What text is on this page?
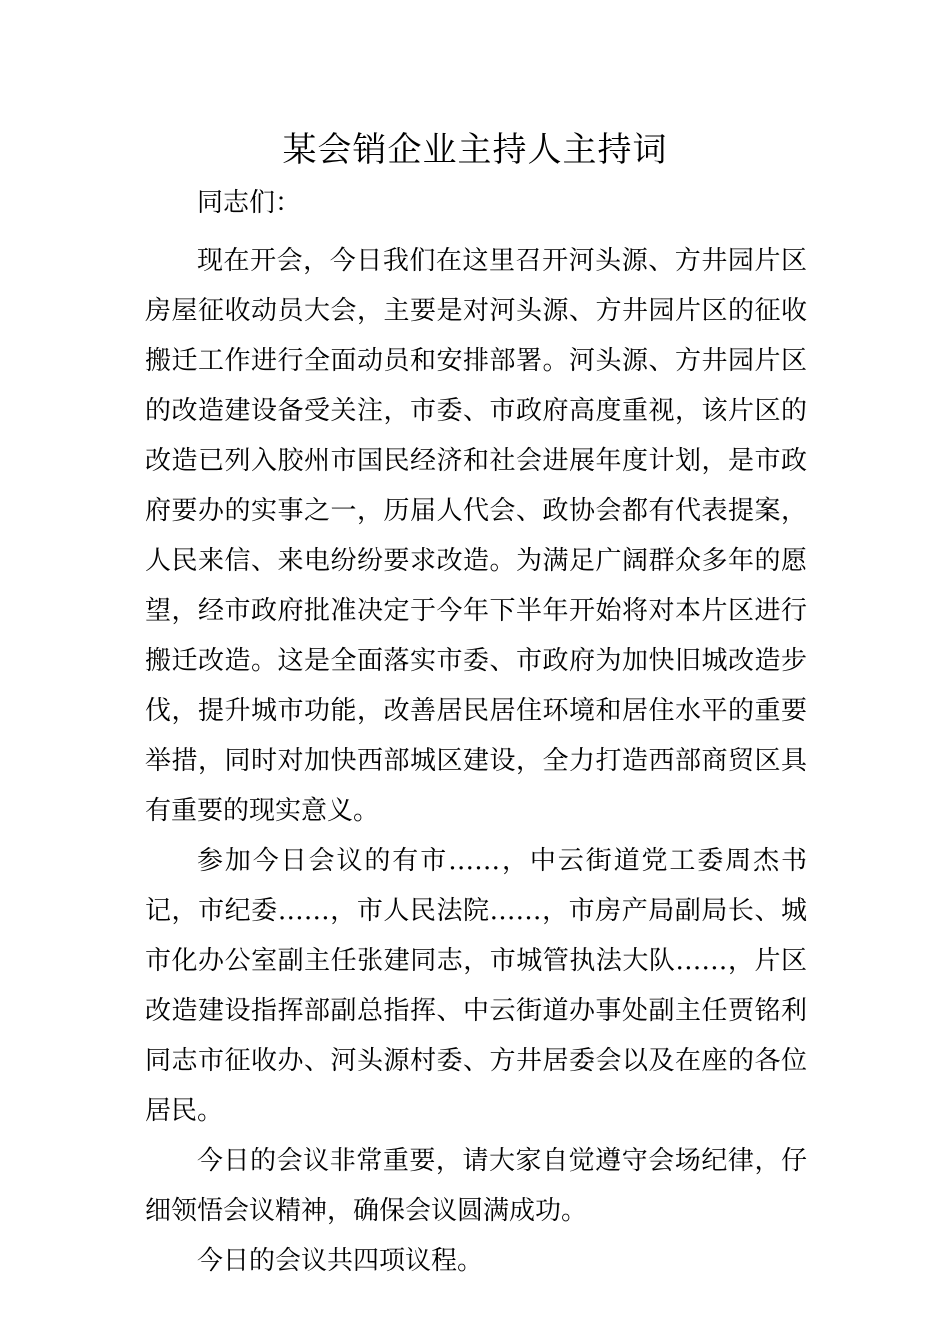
某会销企业主持人主持词

同志们：

现在开会，今日我们在这里召开河头源、方井园片区房屋征收动员大会，主要是对河头源、方井园片区的征收搬迁工作进行全面动员和安排部署。河头源、方井园片区的改造建设备受关注，市委、市政府高度重视，该片区的改造已列入胶州市国民经济和社会进展年度计划，是市政府要办的实事之一，历届人代会、政协会都有代表提案，人民来信、来电纷纷要求改造。为满足广阔群众多年的愿望，经市政府批准决定于今年下半年开始将对本片区进行搬迁改造。这是全面落实市委、市政府为加快旧城改造步伐，提升城市功能，改善居民居住环境和居住水平的重要举措，同时对加快西部城区建设，全力打造西部商贸区具有重要的现实意义。

参加今日会议的有市……，中云街道党工委周杰书记，市纪委……，市人民法院……，市房产局副局长、城市化办公室副主任张建同志，市城管执法大队……，片区改造建设指挥部副总指挥、中云街道办事处副主任贾铭利同志市征收办、河头源村委、方井居委会以及在座的各位居民。

今日的会议非常重要，请大家自觉遵守会场纪律，仔细领悟会议精神，确保会议圆满成功。

今日的会议共四项议程。
